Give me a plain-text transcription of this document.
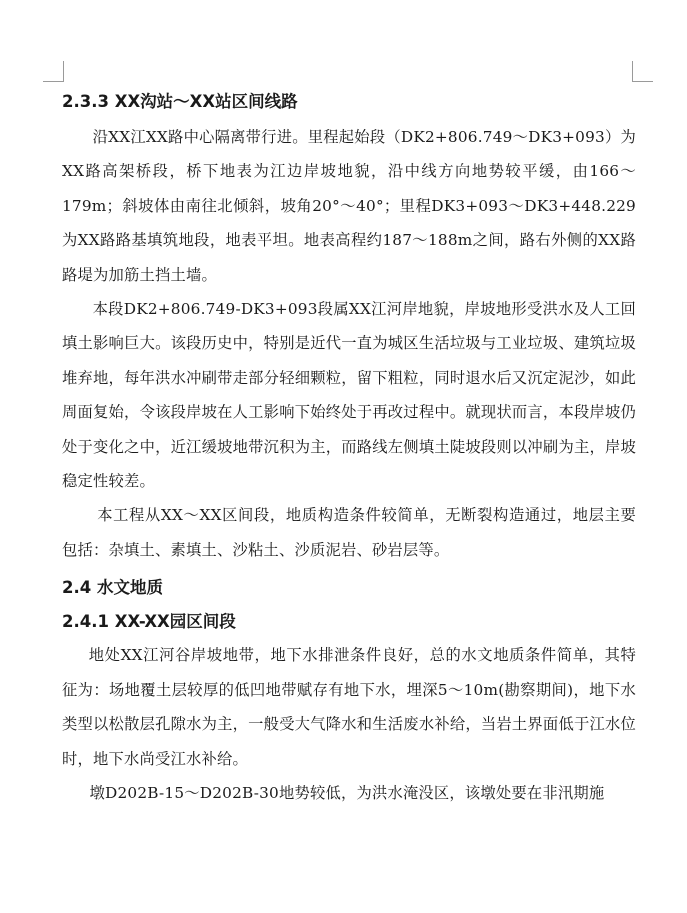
2.3.3 XX沟站～XX站区间线路

沿XX江XX路中心隔离带行进。里程起始段（DK2+806.749～DK3+093）为XX路高架桥段，桥下地表为江边岸坡地貌，沿中线方向地势较平缓，由166～179m；斜坡体由南往北倾斜，坡角20°～40°；里程DK3+093～DK3+448.229为XX路路基填筑地段，地表平坦。地表高程约187～188m之间，路右外侧的XX路路堤为加筋土挡土墙。

本段DK2+806.749-DK3+093段属XX江河岸地貌，岸坡地形受洪水及人工回填土影响巨大。该段历史中，特别是近代一直为城区生活垃圾与工业垃圾、建筑垃圾堆弃地，每年洪水冲刷带走部分轻细颗粒，留下粗粒，同时退水后又沉定泥沙，如此周面复始，令该段岸坡在人工影响下始终处于再改过程中。就现状而言，本段岸坡仍处于变化之中，近江缓坡地带沉积为主，而路线左侧填土陡坡段则以冲刷为主，岸坡稳定性较差。

本工程从XX～XX区间段，地质构造条件较简单，无断裂构造通过，地层主要包括：杂填土、素填土、沙粘土、沙质泥岩、砂岩层等。

2.4 水文地质
2.4.1 XX-XX园区间段

地处XX江河谷岸坡地带，地下水排泄条件良好，总的水文地质条件简单，其特征为：场地覆土层较厚的低凹地带赋存有地下水，埋深5～10m(勘察期间)，地下水类型以松散层孔隙水为主，一般受大气降水和生活废水补给，当岩土界面低于江水位时，地下水尚受江水补给。

墩D202B-15～D202B-30地势较低，为洪水淹没区，该墩处要在非汛期施
